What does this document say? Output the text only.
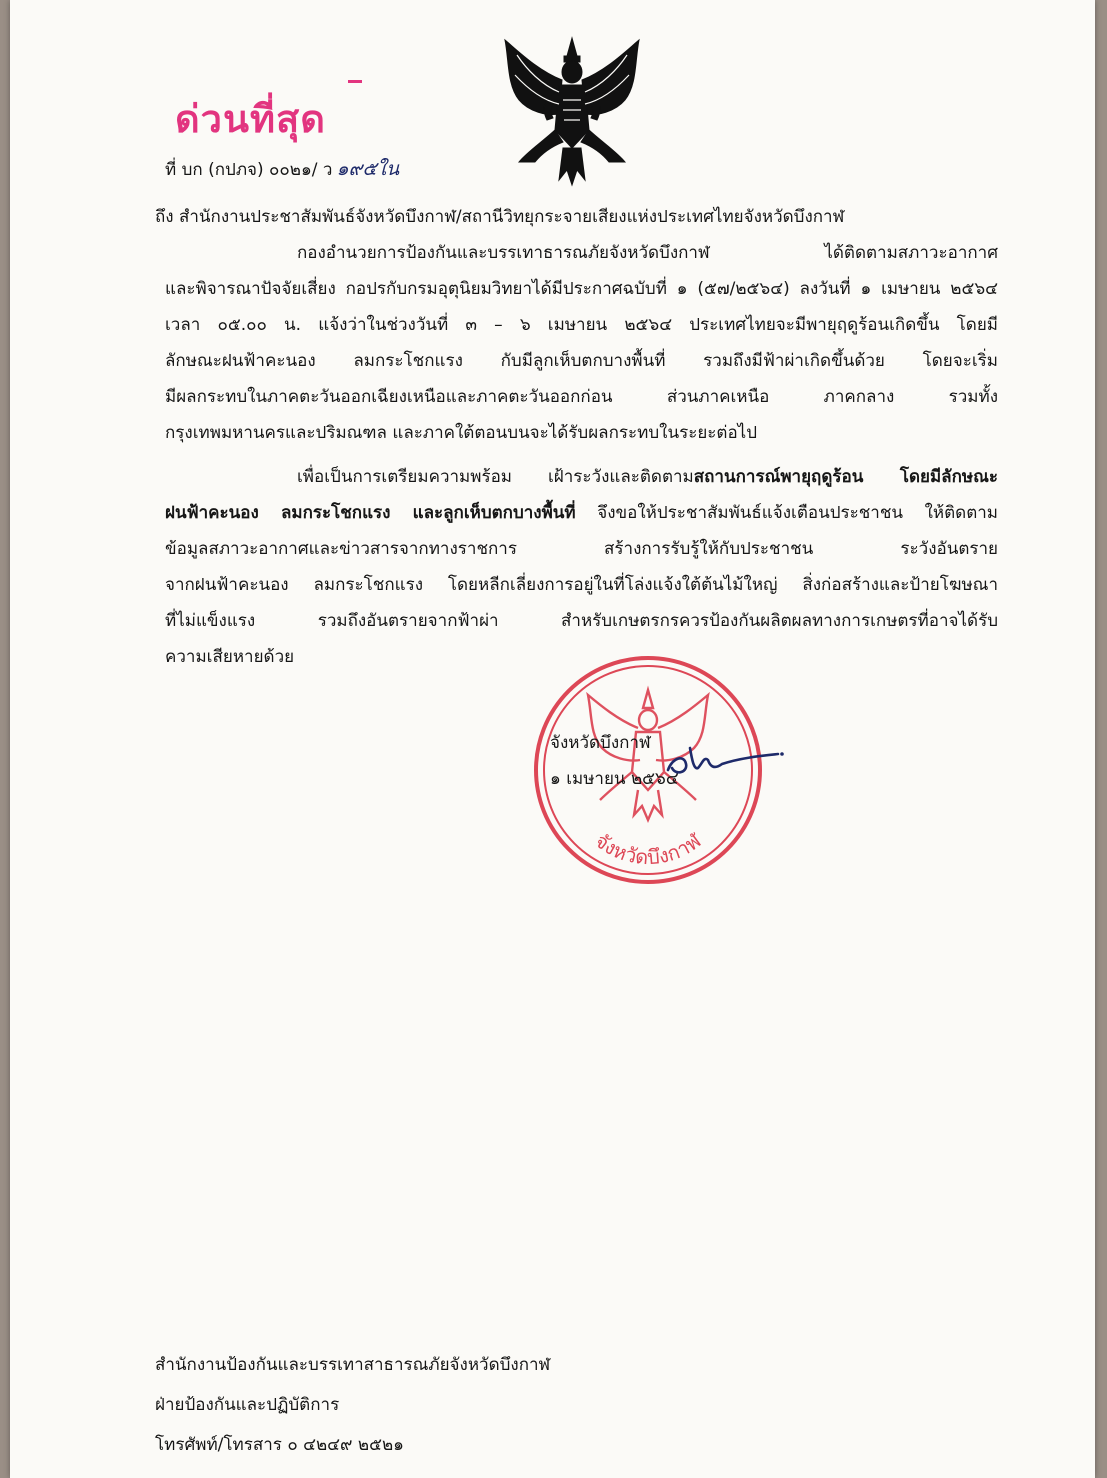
ด่วนที่สุด
ที่ บก (กปภจ) ๐๐๒๑/ ว ๑๙๕ใน
ถึง สำนักงานประชาสัมพันธ์จังหวัดบึงกาฬ/สถานีวิทยุกระจายเสียงแห่งประเทศไทยจังหวัดบึงกาฬ
กองอำนวยการป้องกันและบรรเทาธารณภัยจังหวัดบึงกาฬ ได้ติดตามสภาวะอากาศ
และพิจารณาปัจจัยเสี่ยง กอปรกับกรมอุตุนิยมวิทยาได้มีประกาศฉบับที่ ๑ (๕๗/๒๕๖๔) ลงวันที่ ๑ เมษายน ๒๕๖๔
เวลา ๐๕.๐๐ น. แจ้งว่าในช่วงวันที่ ๓ – ๖ เมษายน ๒๕๖๔ ประเทศไทยจะมีพายุฤดูร้อนเกิดขึ้น โดยมี
ลักษณะฝนฟ้าคะนอง ลมกระโชกแรง กับมีลูกเห็บตกบางพื้นที่ รวมถึงมีฟ้าผ่าเกิดขึ้นด้วย โดยจะเริ่ม
มีผลกระทบในภาคตะวันออกเฉียงเหนือและภาคตะวันออกก่อน ส่วนภาคเหนือ ภาคกลาง รวมทั้ง
กรุงเทพมหานครและปริมณฑล และภาคใต้ตอนบนจะได้รับผลกระทบในระยะต่อไป
เพื่อเป็นการเตรียมความพร้อม เฝ้าระวังและติดตามสถานการณ์พายุฤดูร้อน โดยมีลักษณะ
ฝนฟ้าคะนอง ลมกระโชกแรง และลูกเห็บตกบางพื้นที่ จึงขอให้ประชาสัมพันธ์แจ้งเตือนประชาชน ให้ติดตาม
ข้อมูลสภาวะอากาศและข่าวสารจากทางราชการ สร้างการรับรู้ให้กับประชาชน ระวังอันตราย
จากฝนฟ้าคะนอง ลมกระโชกแรง โดยหลีกเลี่ยงการอยู่ในที่โล่งแจ้งใต้ต้นไม้ใหญ่ สิ่งก่อสร้างและป้ายโฆษณา
ที่ไม่แข็งแรง รวมถึงอันตรายจากฟ้าผ่า สำหรับเกษตรกรควรป้องกันผลิตผลทางการเกษตรที่อาจได้รับ
ความเสียหายด้วย
จังหวัดบึงกาฬ
จังหวัดบึงกาฬ
๑ เมษายน ๒๕๖๔
สำนักงานป้องกันและบรรเทาสาธารณภัยจังหวัดบึงกาฬ
ฝ่ายป้องกันและปฏิบัติการ
โทรศัพท์/โทรสาร ๐ ๔๒๔๙ ๒๕๒๑
